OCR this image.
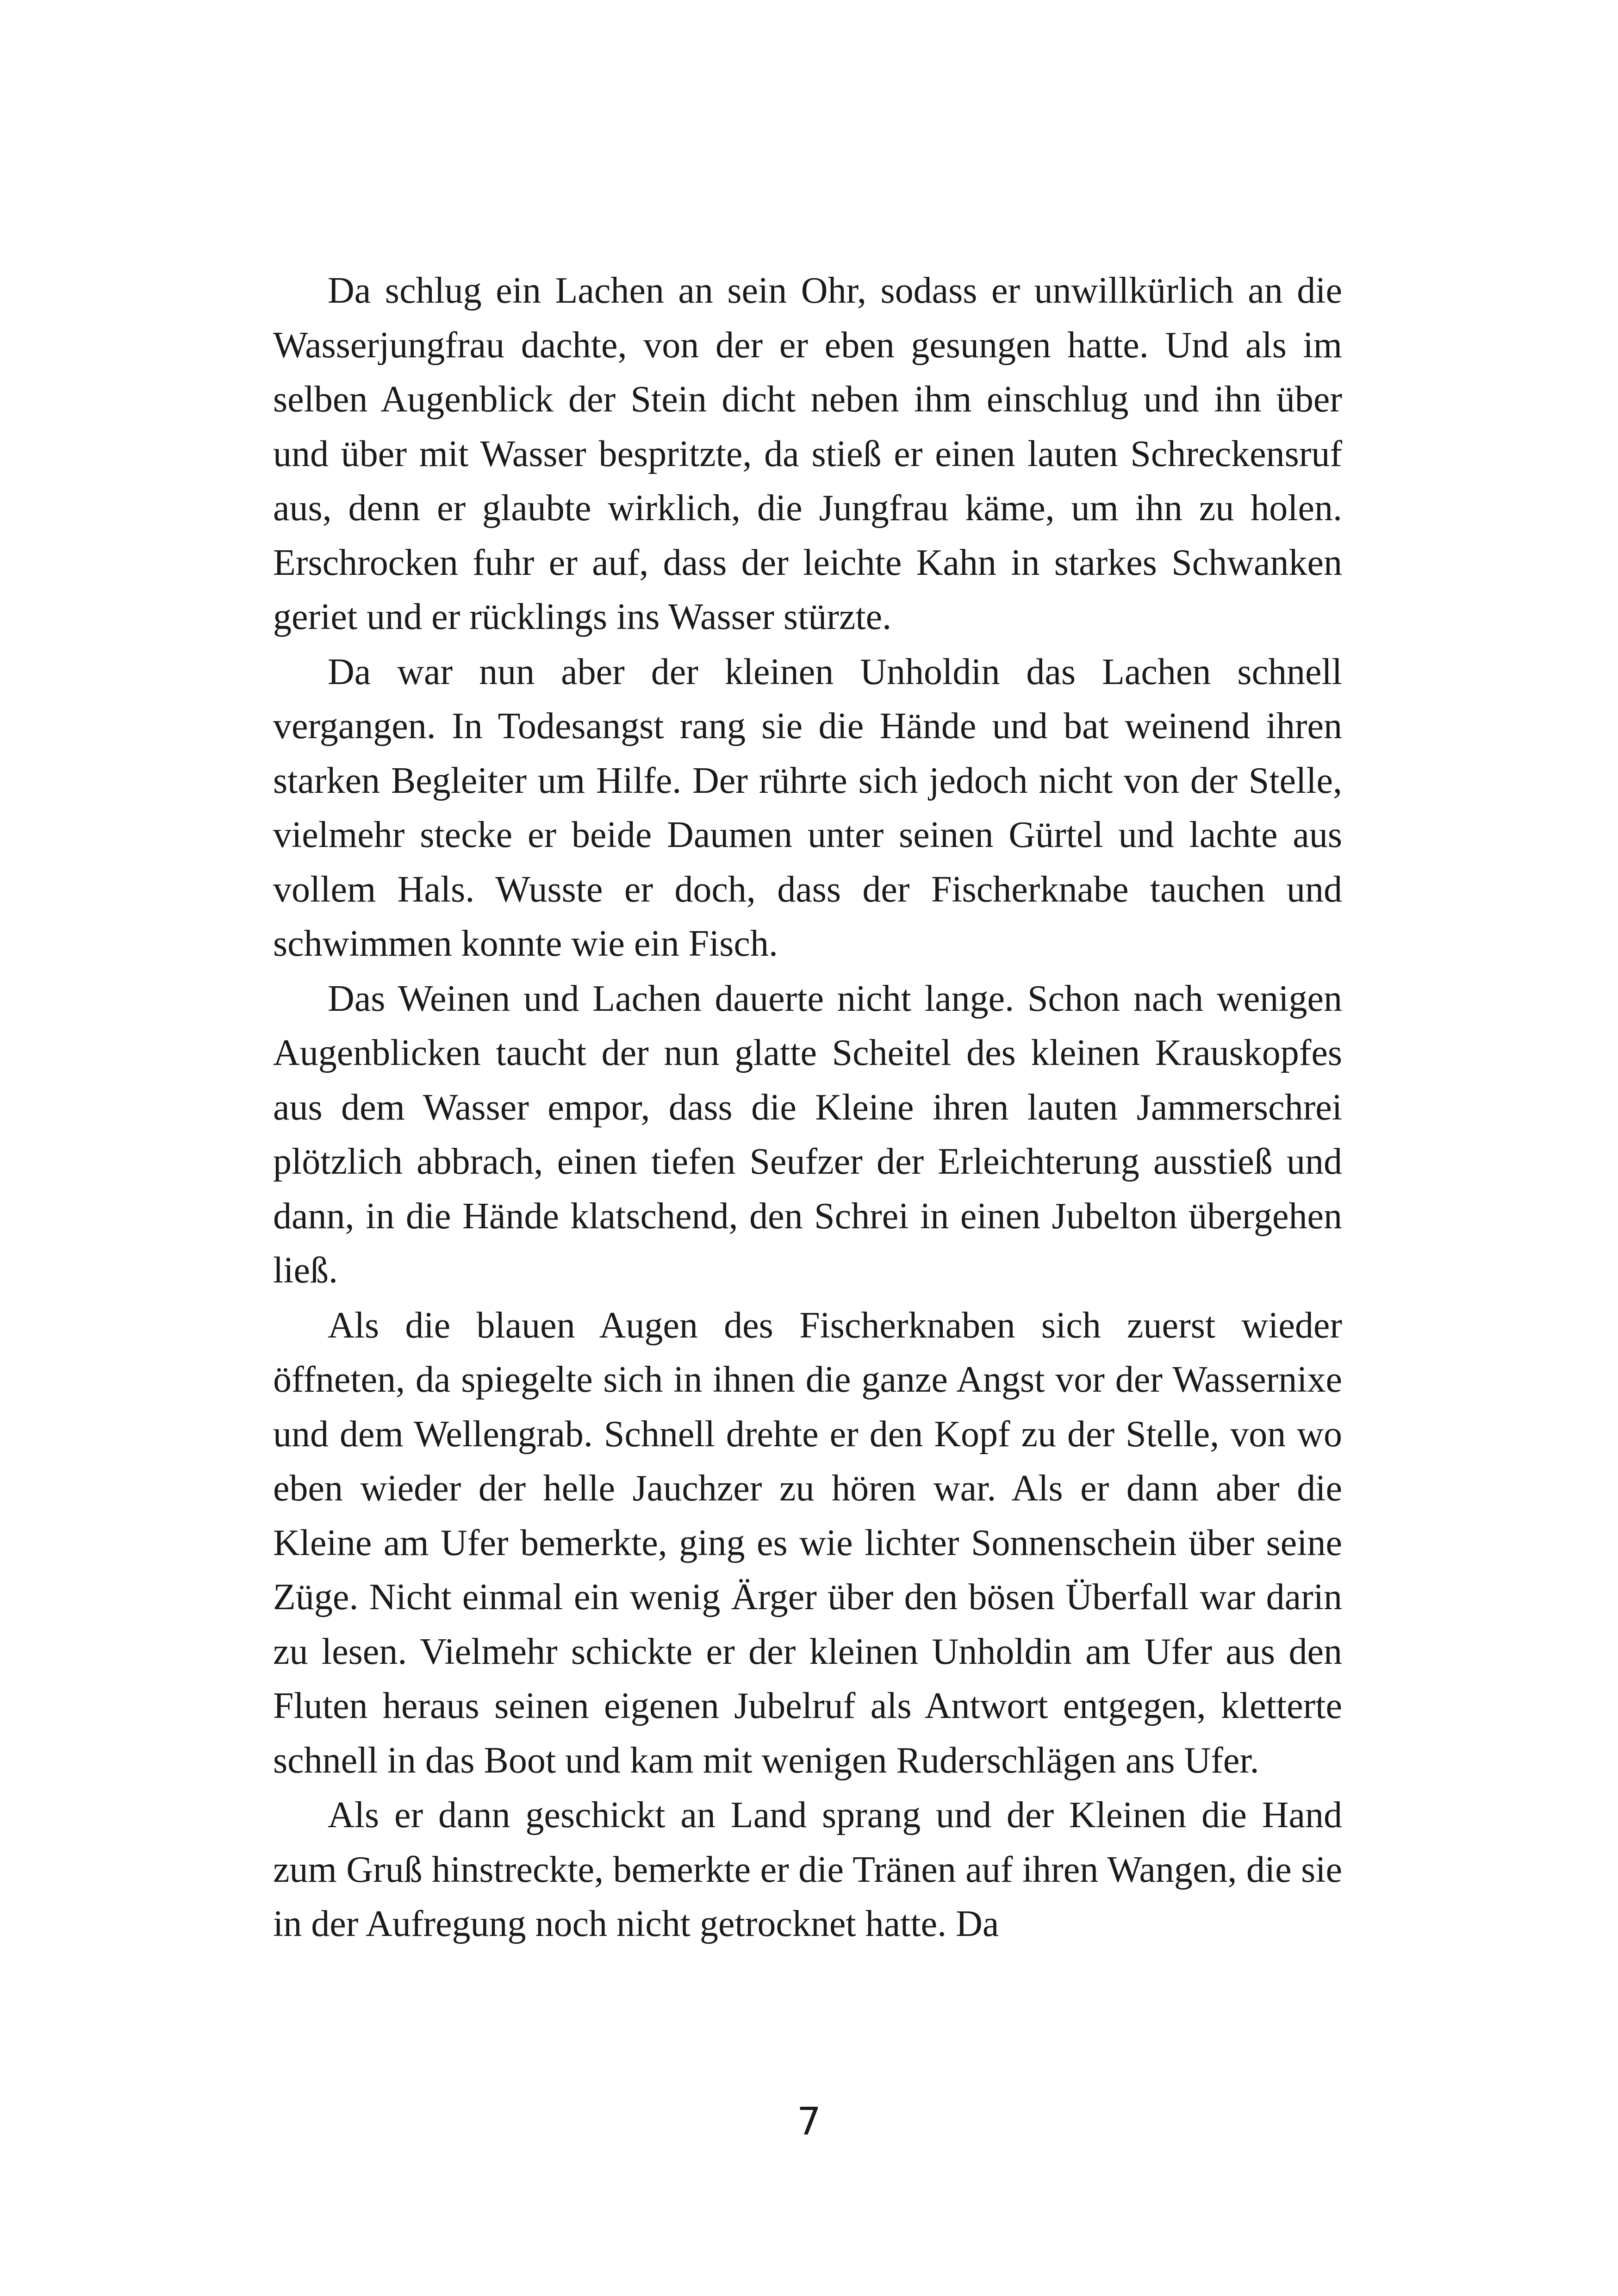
Da schlug ein Lachen an sein Ohr, sodass er unwillkürlich an die Wasserjungfrau dachte, von der er eben gesungen hatte. Und als im selben Augenblick der Stein dicht neben ihm einschlug und ihn über und über mit Wasser bespritzte, da stieß er einen lauten Schreckensruf aus, denn er glaubte wirklich, die Jungfrau käme, um ihn zu holen. Erschrocken fuhr er auf, dass der leichte Kahn in starkes Schwanken geriet und er rücklings ins Wasser stürzte.

Da war nun aber der kleinen Unholdin das Lachen schnell vergangen. In Todesangst rang sie die Hände und bat weinend ihren starken Begleiter um Hilfe. Der rührte sich jedoch nicht von der Stelle, vielmehr stecke er beide Daumen unter seinen Gürtel und lachte aus vollem Hals. Wusste er doch, dass der Fischerknabe tauchen und schwimmen konnte wie ein Fisch.

Das Weinen und Lachen dauerte nicht lange. Schon nach wenigen Augenblicken taucht der nun glatte Scheitel des kleinen Krauskopfes aus dem Wasser empor, dass die Kleine ihren lauten Jammerschrei plötzlich abbrach, einen tiefen Seufzer der Erleichterung ausstieß und dann, in die Hände klatschend, den Schrei in einen Jubelton übergehen ließ.

Als die blauen Augen des Fischerknaben sich zuerst wieder öffneten, da spiegelte sich in ihnen die ganze Angst vor der Wassernixe und dem Wellengrab. Schnell drehte er den Kopf zu der Stelle, von wo eben wieder der helle Jauchzer zu hören war. Als er dann aber die Kleine am Ufer bemerkte, ging es wie lichter Sonnenschein über seine Züge. Nicht einmal ein wenig Ärger über den bösen Überfall war darin zu lesen. Vielmehr schickte er der kleinen Unholdin am Ufer aus den Fluten heraus seinen eigenen Jubelruf als Antwort entgegen, kletterte schnell in das Boot und kam mit wenigen Ruderschlägen ans Ufer.

Als er dann geschickt an Land sprang und der Kleinen die Hand zum Gruß hinstreckte, bemerkte er die Tränen auf ihren Wangen, die sie in der Aufregung noch nicht getrocknet hatte. Da

7
